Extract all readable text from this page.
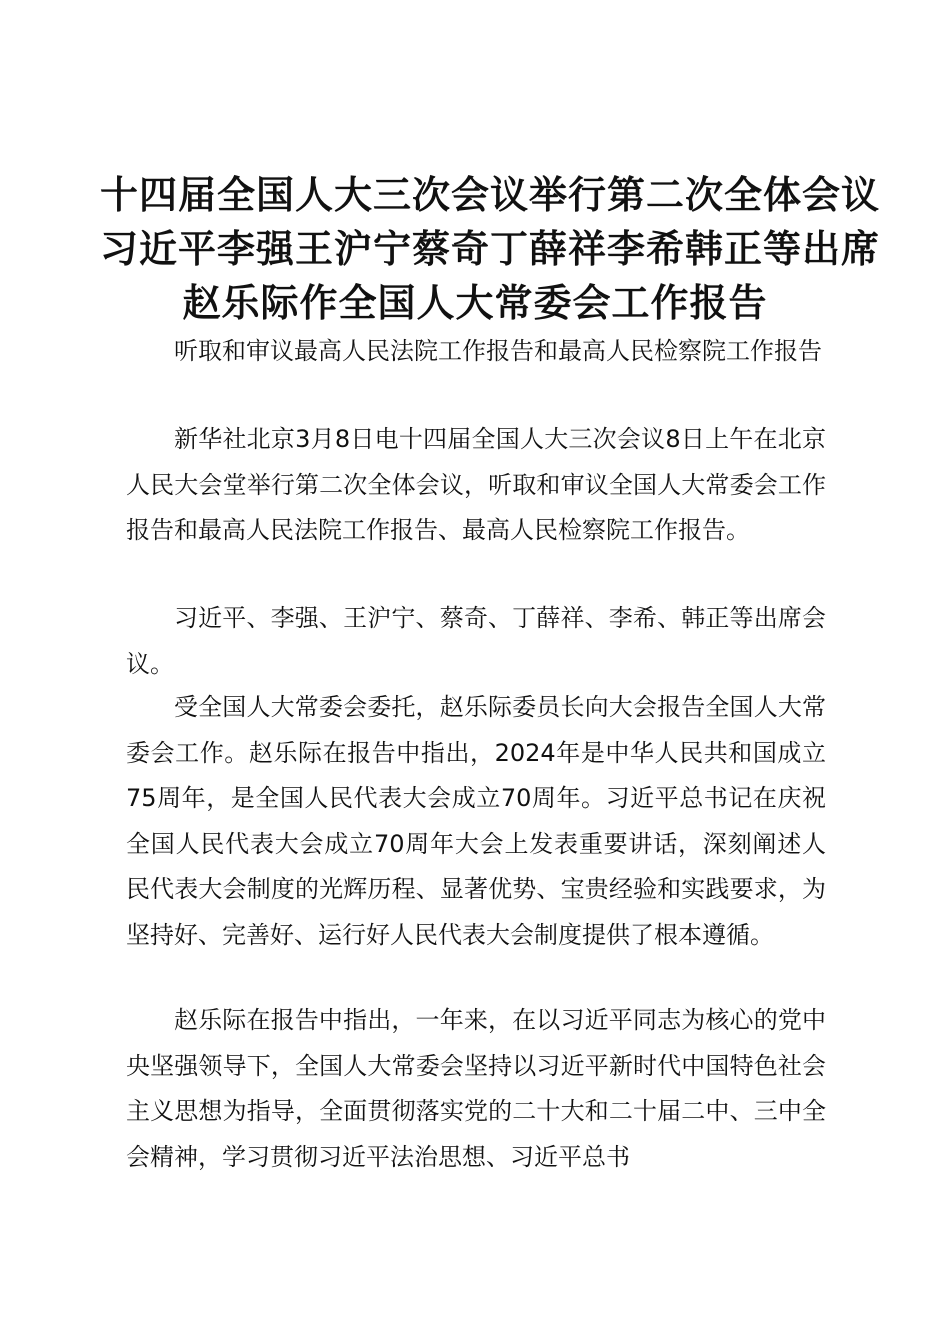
十四届全国人大三次会议举行第二次全体会议
习近平李强王沪宁蔡奇丁薛祥李希韩正等出席
赵乐际作全国人大常委会工作报告

听取和审议最高人民法院工作报告和最高人民检察院工作报告

新华社北京3月8日电十四届全国人大三次会议8日上午在北京人民大会堂举行第二次全体会议，听取和审议全国人大常委会工作报告和最高人民法院工作报告、最高人民检察院工作报告。

习近平、李强、王沪宁、蔡奇、丁薛祥、李希、韩正等出席会议。

受全国人大常委会委托，赵乐际委员长向大会报告全国人大常委会工作。赵乐际在报告中指出，2024年是中华人民共和国成立75周年，是全国人民代表大会成立70周年。习近平总书记在庆祝全国人民代表大会成立70周年大会上发表重要讲话，深刻阐述人民代表大会制度的光辉历程、显著优势、宝贵经验和实践要求，为坚持好、完善好、运行好人民代表大会制度提供了根本遵循。

赵乐际在报告中指出，一年来，在以习近平同志为核心的党中央坚强领导下，全国人大常委会坚持以习近平新时代中国特色社会主义思想为指导，全面贯彻落实党的二十大和二十届二中、三中全会精神，学习贯彻习近平法治思想、习近平总书
